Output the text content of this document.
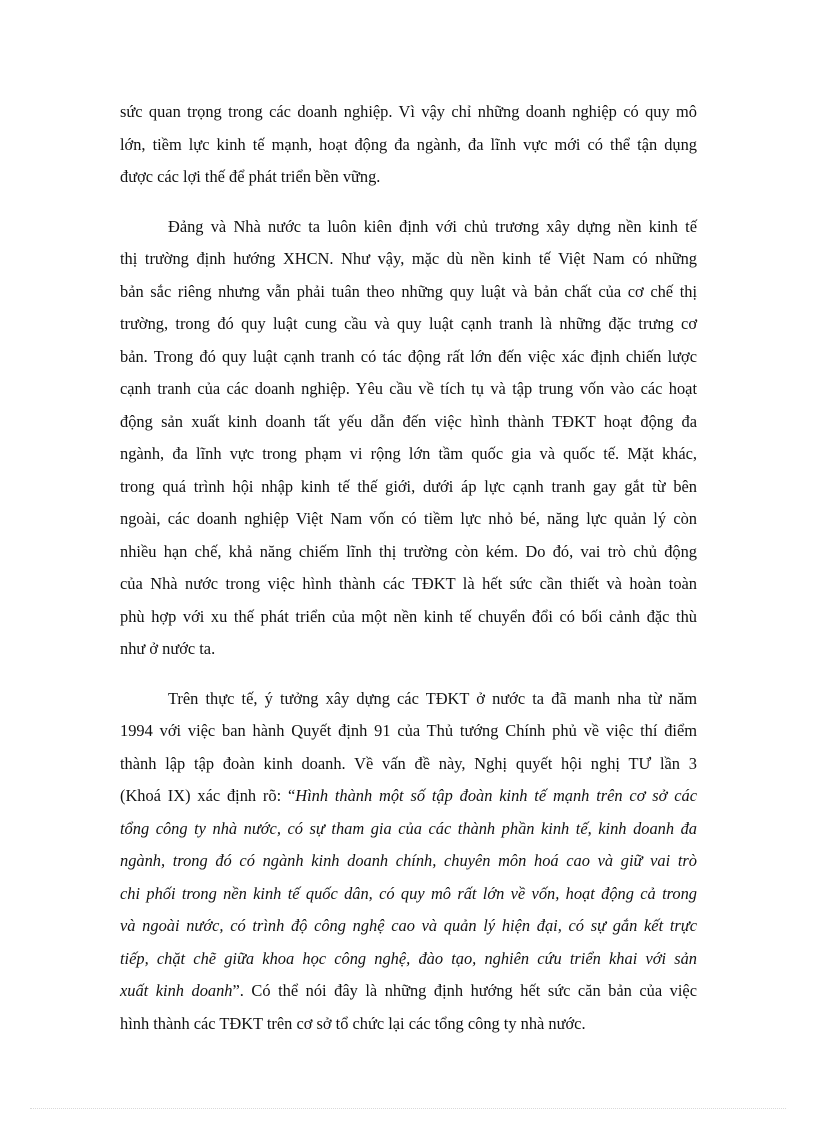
sức quan trọng trong các doanh nghiệp. Vì vậy chỉ những doanh nghiệp có quy mô
lớn, tiềm lực kinh tế mạnh, hoạt động đa ngành, đa lĩnh vực mới có thể tận dụng
được các lợi thế để phát triển bền vững.

Đảng và Nhà nước ta luôn kiên định với chủ trương xây dựng nền kinh tế
thị trường định hướng XHCN. Như vậy, mặc dù nền kinh tế Việt Nam có những
bản sắc riêng nhưng vẫn phải tuân theo những quy luật và bản chất của cơ chế thị
trường, trong đó quy luật cung cầu và quy luật cạnh tranh là những đặc trưng cơ
bản. Trong đó quy luật cạnh tranh có tác động rất lớn đến việc xác định chiến lược
cạnh tranh của các doanh nghiệp. Yêu cầu về tích tụ và tập trung vốn vào các hoạt
động sản xuất kinh doanh tất yếu dẫn đến việc hình thành TĐKT hoạt động đa
ngành, đa lĩnh vực trong phạm vi rộng lớn tầm quốc gia và quốc tế. Mặt khác,
trong quá trình hội nhập kinh tế thế giới, dưới áp lực cạnh tranh gay gắt từ bên
ngoài, các doanh nghiệp Việt Nam vốn có tiềm lực nhỏ bé, năng lực quản lý còn
nhiều hạn chế, khả năng chiếm lĩnh thị trường còn kém. Do đó, vai trò chủ động
của Nhà nước trong việc hình thành các TĐKT là hết sức cần thiết và hoàn toàn
phù hợp với xu thế phát triển của một nền kinh tế chuyển đổi có bối cảnh đặc thù
như ở nước ta.

Trên thực tế, ý tưởng xây dựng các TĐKT ở nước ta đã manh nha từ năm
1994 với việc ban hành Quyết định 91 của Thủ tướng Chính phủ về việc thí điểm
thành lập tập đoàn kinh doanh. Về vấn đề này, Nghị quyết hội nghị TƯ lần 3
(Khoá IX) xác định rõ: “Hình thành một số tập đoàn kinh tế mạnh trên cơ sở các
tổng công ty nhà nước, có sự tham gia của các thành phần kinh tế, kinh doanh đa
ngành, trong đó có ngành kinh doanh chính, chuyên môn hoá cao và giữ vai trò
chi phối trong nền kinh tế quốc dân, có quy mô rất lớn về vốn, hoạt động cả trong
và ngoài nước, có trình độ công nghệ cao và quản lý hiện đại, có sự gắn kết trực
tiếp, chặt chẽ giữa khoa học công nghệ, đào tạo, nghiên cứu triển khai với sản
xuất kinh doanh”. Có thể nói đây là những định hướng hết sức căn bản của việc
hình thành các TĐKT trên cơ sở tổ chức lại các tổng công ty nhà nước.
